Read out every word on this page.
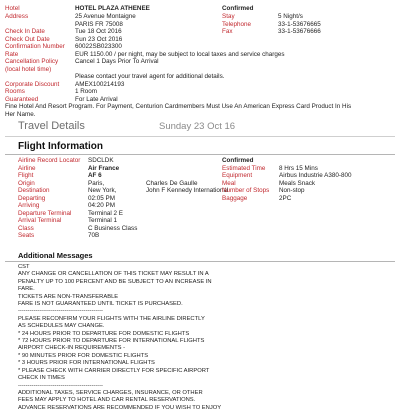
Hotel	HOTEL PLAZA ATHENEE
Address	25 Avenue Montaigne
PARIS FR 75008
Check In Date	Tue 18 Oct 2016
Check Out Date	Sun 23 Oct 2016
Confirmation Number 60022SB023300
Rate	EUR 1150.00 / per night, may be subject to local taxes and service charges
Cancellation Policy	Cancel 1 Days Prior To Arrival
(local hotel time)
Please contact your travel agent for additional details.
Corporate Discount	AMEX100214193
Rooms	1 Room
Guaranteed	For Late Arrival
Fine Hotel And Resort Program. For Payment, Centurion Cardmembers Must Use An American Express Card Product In His
Her Name.
Confirmed
Stay	5 Night/s
Telephone	33-1-53676665
Fax	33-1-53676666
Travel Details	Sunday 23 Oct 16
Flight Information
Airline Record Locator SDCLDK
Airline	Air France
Flight	AF 6
Origin	Paris,	Charles De Gaulle
Destination	New York,	John F Kennedy International
Departing	02:05 PM
Arriving	04:20 PM
Departure Terminal	Terminal 2 E
Arrival Terminal	Terminal 1
Class	C Business Class
Seats	70B
Confirmed
Estimated Time 8 Hrs 15 Mins
Equipment	Airbus Industrie A380-800
Meal	Meals Snack
Number of Stops Non-stop
Baggage	2PC
Additional Messages
CST
ANY CHANGE OR CANCELLATION OF THIS TICKET MAY RESULT IN A
PENALTY UP TO 100 PERCENT AND BE SUBJECT TO AN INCREASE IN
FARE.
TICKETS ARE NON-TRANSFERABLE
FARE IS NOT GUARANTEED UNTIL TICKET IS PURCHASED.
--------------------------------------------
PLEASE RECONFIRM YOUR FLIGHTS WITH THE AIRLINE DIRECTLY
AS SCHEDULES MAY CHANGE.
* 24 HOURS PRIOR TO DEPARTURE FOR DOMESTIC FLIGHTS
* 72 HOURS PRIOR TO DEPARTURE FOR INTERNATIONAL FLIGHTS
AIRPORT CHECK-IN REQUIREMENTS -
* 90 MINUTES PRIOR FOR DOMESTIC FLIGHTS
* 3 HOURS PRIOR FOR INTERNATIONAL FLIGHTS
* PLEASE CHECK WITH CARRIER DIRECTLY FOR SPECIFIC AIRPORT
CHECK IN TIMES
--------------------------------------------
ADDITIONAL TAXES, SERVICE CHARGES, INSURANCE, OR OTHER
FEES MAY APPLY TO HOTEL AND CAR RENTAL RESERVATIONS.
ADVANCE RESERVATIONS ARE RECOMMENDED IF YOU WISH TO ENJOY
